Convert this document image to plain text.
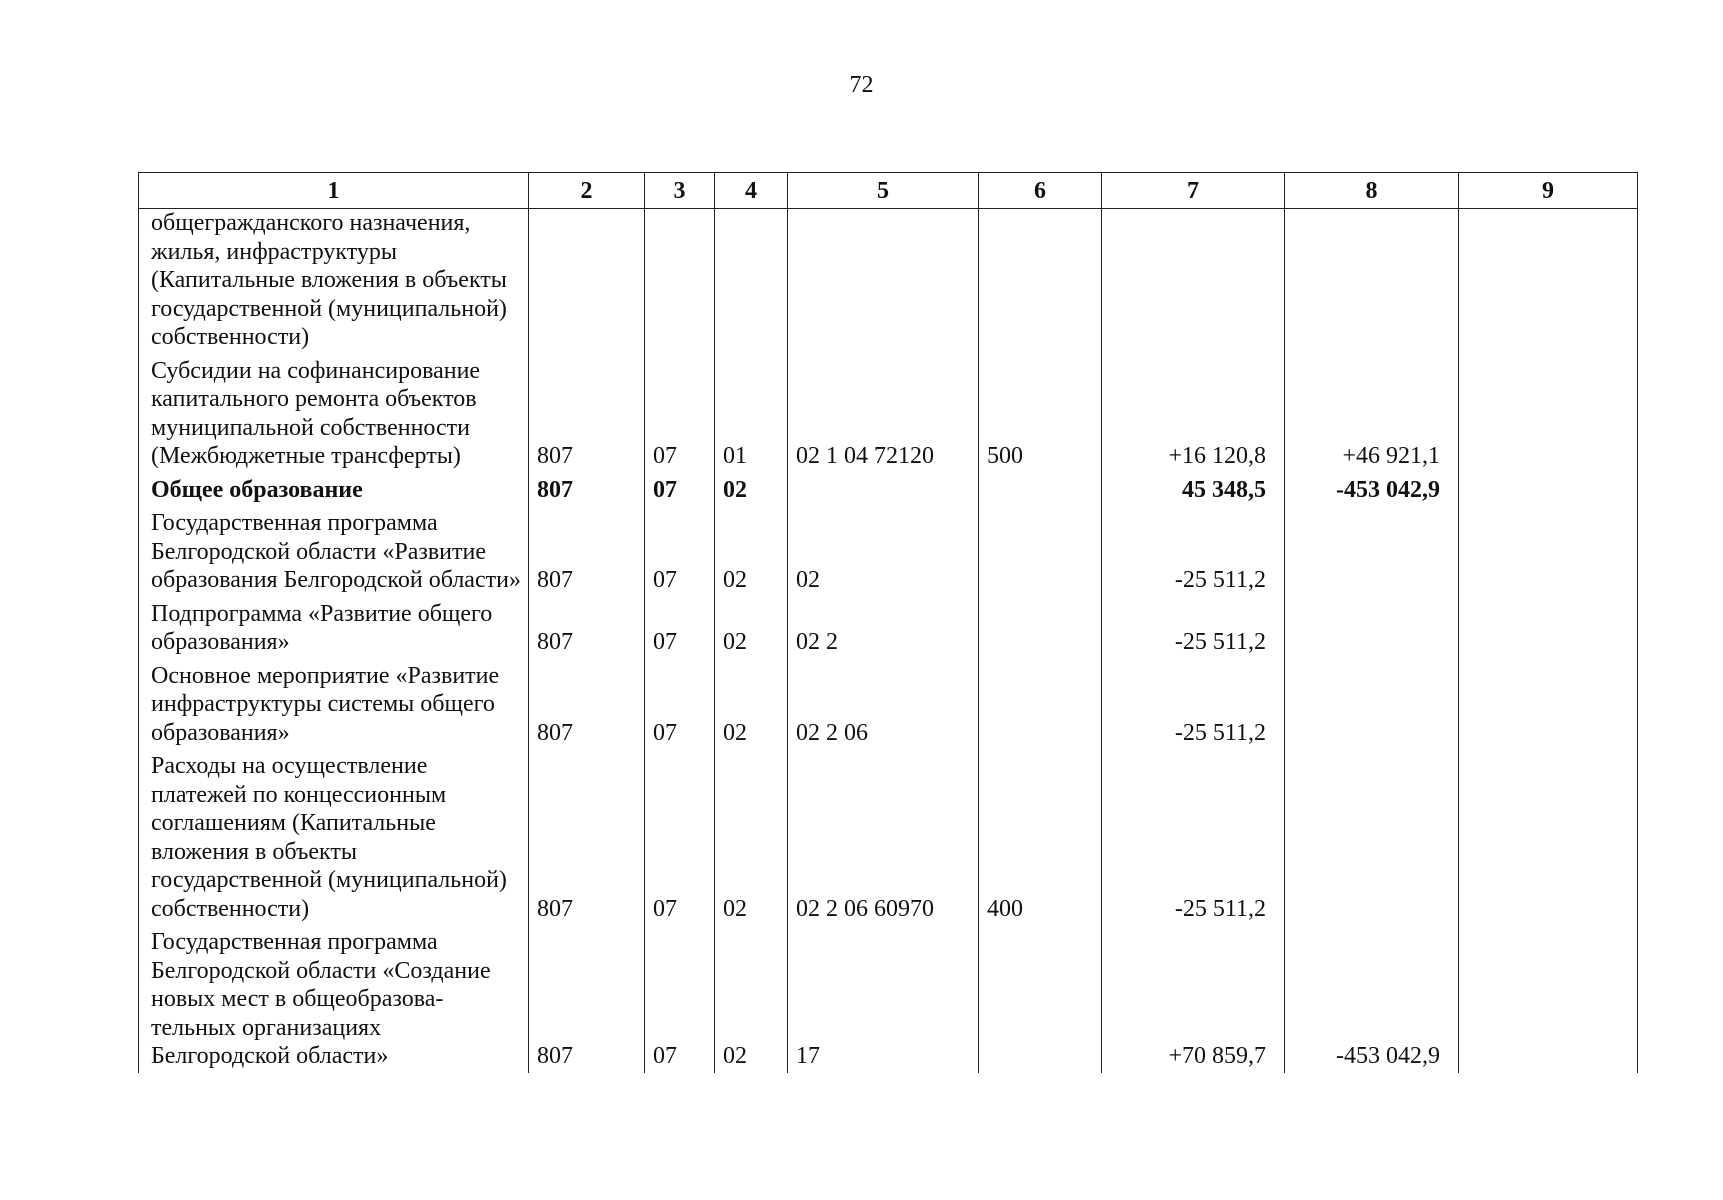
72
1	2	3	4	5	6	7	8	9
общегражданского назначения, жилья, инфраструктуры (Капитальные вложения в объекты государственной (муниципальной) собственности)								
Субсидии на софинансирование капитального ремонта объектов муниципальной собственности (Межбюджетные трансферты)	807	07	01	02 1 04 72120	500	+16 120,8	+46 921,1	
Общее образование	807	07	02			45 348,5	-453 042,9	
Государственная программа Белгородской области «Развитие образования Белгородской области»	807	07	02	02		-25 511,2		
Подпрограмма «Развитие общего образования»	807	07	02	02 2		-25 511,2		
Основное мероприятие «Развитие инфраструктуры системы общего образования»	807	07	02	02 2 06		-25 511,2		
Расходы на осуществление платежей по концессионным соглашениям (Капитальные вложения в объекты государственной (муниципальной) собственности)	807	07	02	02 2 06 60970	400	-25 511,2		
Государственная программа Белгородской области «Создание новых мест в общеобразова-тельных организациях Белгородской области»	807	07	02	17		+70 859,7	-453 042,9	
